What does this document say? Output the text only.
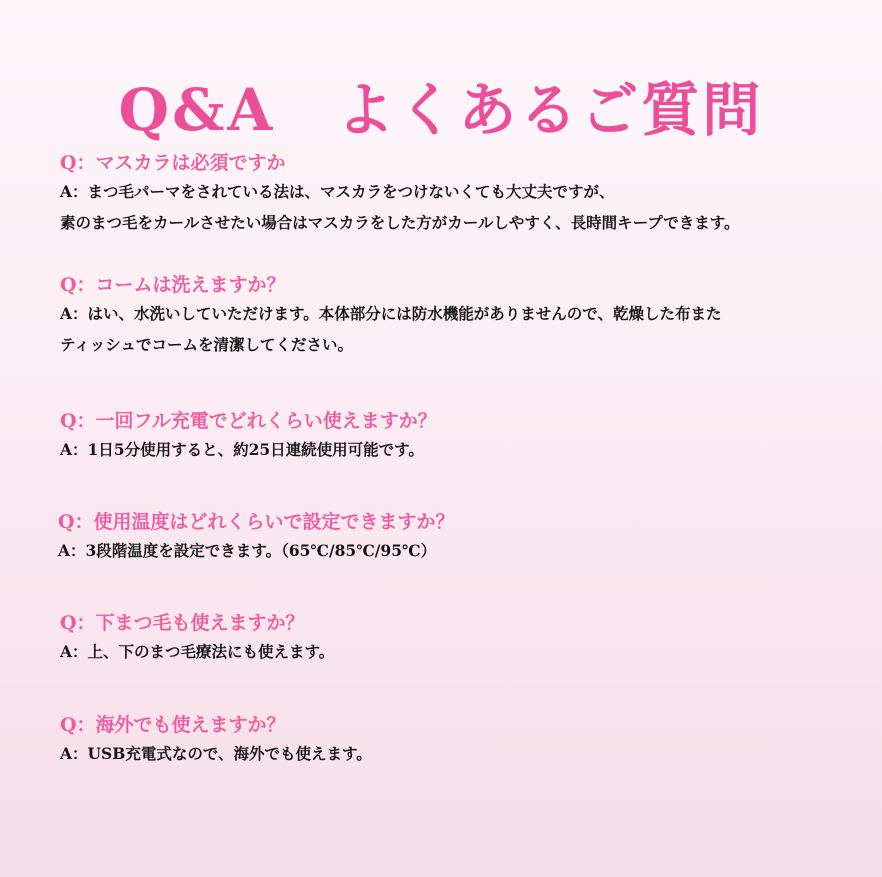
Q&A　よくあるご質問
Q：マスカラは必須ですか
A：まつ毛パーマをされている法は、マスカラをつけないくても大丈夫ですが、
素のまつ毛をカールさせたい場合はマスカラをした方がカールしやすく、長時間キープできます。
Q：コームは洗えますか？
A：はい、水洗いしていただけます。本体部分には防水機能がありませんので、乾燥した布また
ティッシュでコームを清潔してください。
Q：一回フル充電でどれくらい使えますか？
A：1日5分使用すると、約25日連続使用可能です。
Q：使用温度はどれくらいで設定できますか？
A：3段階温度を設定できます。（65℃/85℃/95℃）
Q：下まつ毛も使えますか？
A：上、下のまつ毛療法にも使えます。
Q：海外でも使えますか？
A：USB充電式なので、海外でも使えます。
